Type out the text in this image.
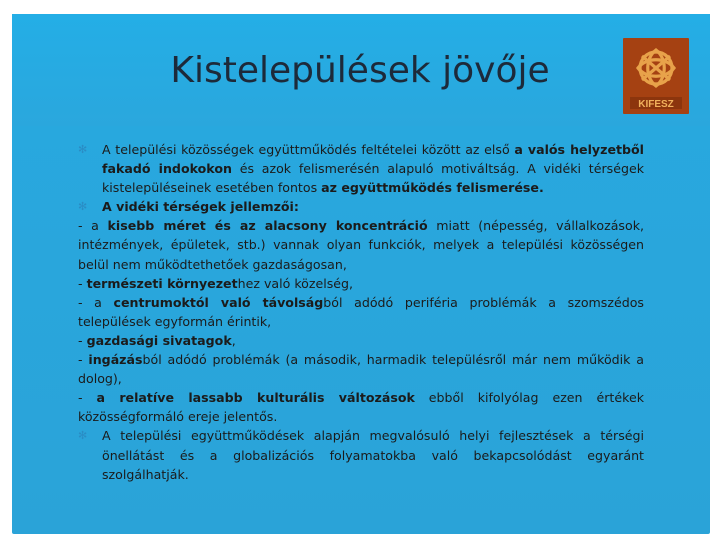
Kistelepülések jövője
KIFESZ

✻ A települési közösségek együttműködés feltételei között az első a valós helyzetből fakadó indokokon és azok felismerésén alapuló motiváltság. A vidéki térségek kistelepüléseinek esetében fontos az együttműködés felismerése.

✻ A vidéki térségek jellemzői:

- a kisebb méret és az alacsony koncentráció miatt (népesség, vállalkozások, intézmények, épületek, stb.) vannak olyan funkciók, melyek a települési közösségen belül nem működtethetőek gazdaságosan,

- természeti környezethez való közelség,

- a centrumoktól való távolságból adódó periféria problémák a szomszédos települések egyformán érintik,

- gazdasági sivatagok,

- ingázásból adódó problémák (a második, harmadik településről már nem működik a dolog),

- a relatíve lassabb kulturális változások ebből kifolyólag ezen értékek közösségformáló ereje jelentős.

✻ A települési együttműködések alapján megvalósuló helyi fejlesztések a térségi önellátást és a globalizációs folyamatokba való bekapcsolódást egyaránt szolgálhatják.
